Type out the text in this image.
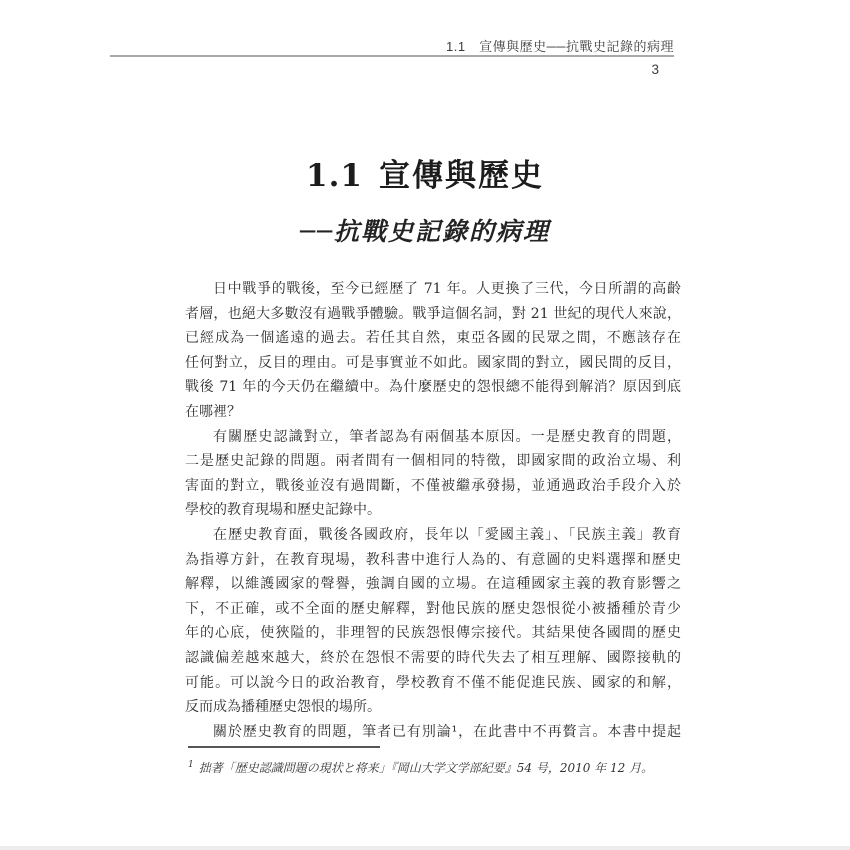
1.1　宣傳與歷史──抗戰史記錄的病理
3
1.1 宣傳與歷史
──抗戰史記錄的病理
日中戰爭的戰後，至今已經歷了 71 年。人更換了三代，今日所謂的高齡
者層，也絕大多數沒有過戰爭體驗。戰爭這個名詞，對 21 世紀的現代人來說，
已經成為一個遙遠的過去。若任其自然，東亞各國的民眾之間，不應該存在
任何對立，反目的理由。可是事實並不如此。國家間的對立，國民間的反目，
戰後 71 年的今天仍在繼續中。為什麼歷史的怨恨總不能得到解消？原因到底
在哪裡？
有關歷史認識對立，筆者認為有兩個基本原因。一是歷史教育的問題，
二是歷史記錄的問題。兩者間有一個相同的特徵，即國家間的政治立場、利
害面的對立，戰後並沒有過間斷，不僅被繼承發揚，並通過政治手段介入於
學校的教育現場和歷史記錄中。
在歷史教育面，戰後各國政府，長年以「愛國主義」、「民族主義」教育
為指導方針，在教育現場，教科書中進行人為的、有意圖的史料選擇和歷史
解釋，以維護國家的聲譽，強調自國的立場。在這種國家主義的教育影響之
下，不正確，或不全面的歷史解釋，對他民族的歷史怨恨從小被播種於青少
年的心底，使狹隘的，非理智的民族怨恨傳宗接代。其結果使各國間的歷史
認識偏差越來越大，終於在怨恨不需要的時代失去了相互理解、國際接軌的
可能。可以說今日的政治教育，學校教育不僅不能促進民族、國家的和解，
反而成為播種歷史怨恨的場所。
關於歷史教育的問題，筆者已有別論¹，在此書中不再贅言。本書中提起
$^1$ 拙著「歴史認識問題の現状と将来」『岡山大学文学部紀要』54 号，2010 年 12 月。
